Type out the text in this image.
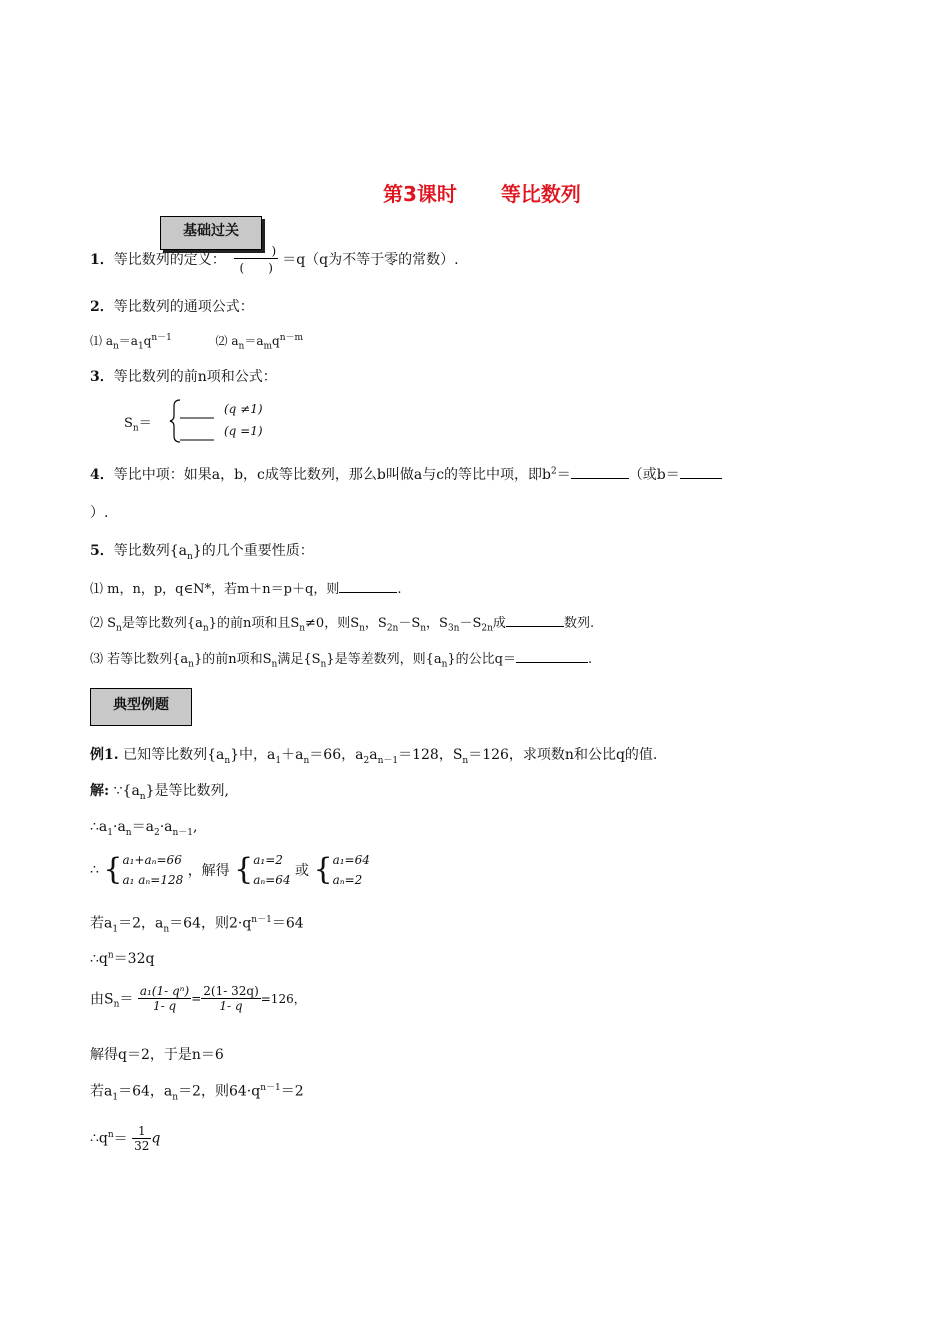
第3课时 等比数列
基础过关
1．等比数列的定义： $\frac{)}{( )} =q(q$为不等于零的常数）.
2．等比数列的通项公式：
⑴ $a_n=a_1q^{n-1}$	⑵ $a_n=a_mq^{n-m}$
3．等比数列的前n项和公式：
$S_n=$
(q ≠1)
(q =1)
4．等比中项：如果a，b，c成等比数列，那么b叫做a与c的等比中项，即$b^2=$	（或b＝
）.
5．等比数列$\{a_n\}$的几个重要性质：
⑴ m，n，p，q∈N*，若m＋n＝p＋q，则	.
⑵ $S_n$是等比数列$\{a_n\}$的前n项和且$S_n\ne 0$，则$S_n$，$S_{2n}-S_n$，$S_{3n}-S_{2n}$成	数列.
⑶ 若等比数列$\{a_n\}$的前n项和$S_n$满足$\{S_n\}$是等差数列，则$\{a_n\}$的公比q＝	.
典型例题
例1. 已知等比数列$\{a_n\}$中，$a_1+a_n=66$，$a_2a_{n-1}=128$，$S_n=126$，求项数n和公比q的值.
解: $\because\{a_n\}$是等比数列,
$\therefore a_1\cdot a_n=a_2\cdot a_{n-1}$,
∴ { a₁+aₙ=66
a₁ aₙ=128
，解得 { a₁=2
aₙ=64
或 { a₁=64
aₙ=2
若$a_1=2$，$a_n=64$，则$2\cdot q^{n-1}=64$
$\therefore q^n=32q$
由$S_n= \frac{\text{a₁(1- qⁿ)}}{1- q} = \frac{2(1- 32q)}{1- q} =126$，
解得q＝2，于是n＝6
若$a_1=64$，$a_n=2$，则$64\cdot q^{n-1}=2$
$\therefore q^n= \frac{1}{32}$ q
